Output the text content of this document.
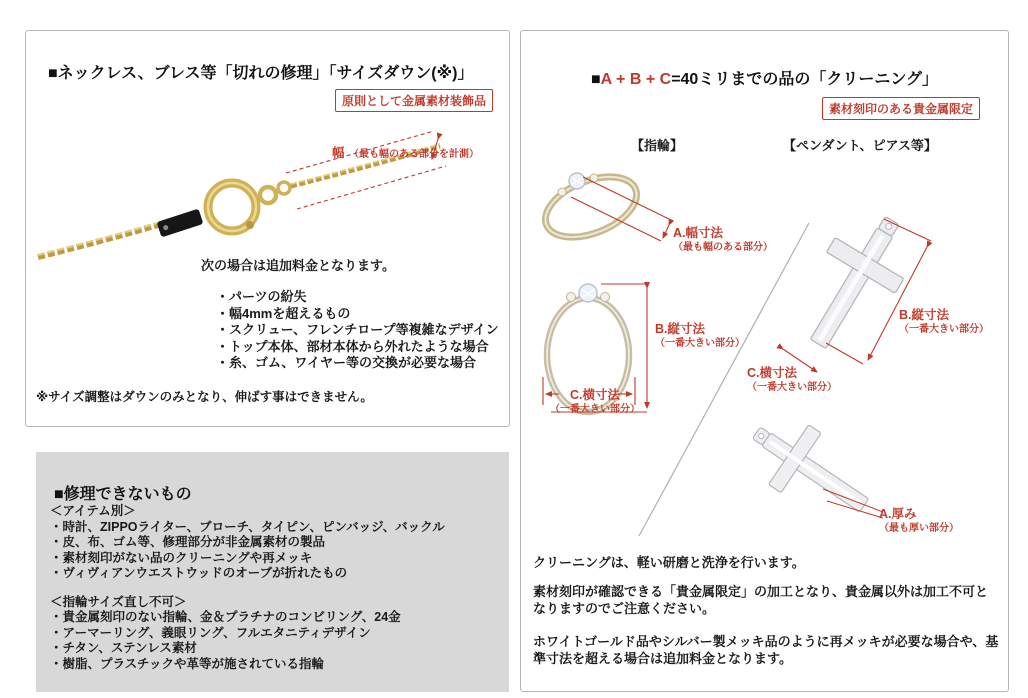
■ネックレス、ブレス等「切れの修理」「サイズダウン(※)」
原則として金属素材装飾品
幅 （最も幅のある部分を計測）

次の場合は追加料金となります。

・パーツの紛失
・幅4mmを超えるもの
・スクリュー、フレンチロープ等複雑なデザイン
・トップ本体、部材本体から外れたような場合
・糸、ゴム、ワイヤー等の交換が必要な場合

※サイズ調整はダウンのみとなり、伸ばす事はできません。

■修理できないもの
＜アイテム別＞
・時計、ZIPPOライター、ブローチ、タイピン、ピンバッジ、バックル
・皮、布、ゴム等、修理部分が非金属素材の製品
・素材刻印がない品のクリーニングや再メッキ
・ヴィヴィアンウエストウッドのオーブが折れたもの
＜指輪サイズ直し不可＞
・貴金属刻印のない指輪、金＆プラチナのコンビリング、24金
・アーマーリング、義眼リング、フルエタニティデザイン
・チタン、ステンレス素材
・樹脂、プラスチックや革等が施されている指輪
■A + B + C=40ミリまでの品の「クリーニング」
素材刻印のある貴金属限定
【指輪】	【ペンダント、ピアス等】
A.幅寸法
（最も幅のある部分）
B.縦寸法
（一番大きい部分）
C.横寸法
（一番大きい部分）
B.縦寸法
（一番大きい部分）
C.横寸法
（一番大きい部分）
A.厚み
（最も厚い部分）

クリーニングは、軽い研磨と洗浄を行います。

素材刻印が確認できる「貴金属限定」の加工となり、貴金属以外は加工不可となりますのでご注意ください。

ホワイトゴールド品やシルバー製メッキ品のように再メッキが必要な場合や、基準寸法を超える場合は追加料金となります。
